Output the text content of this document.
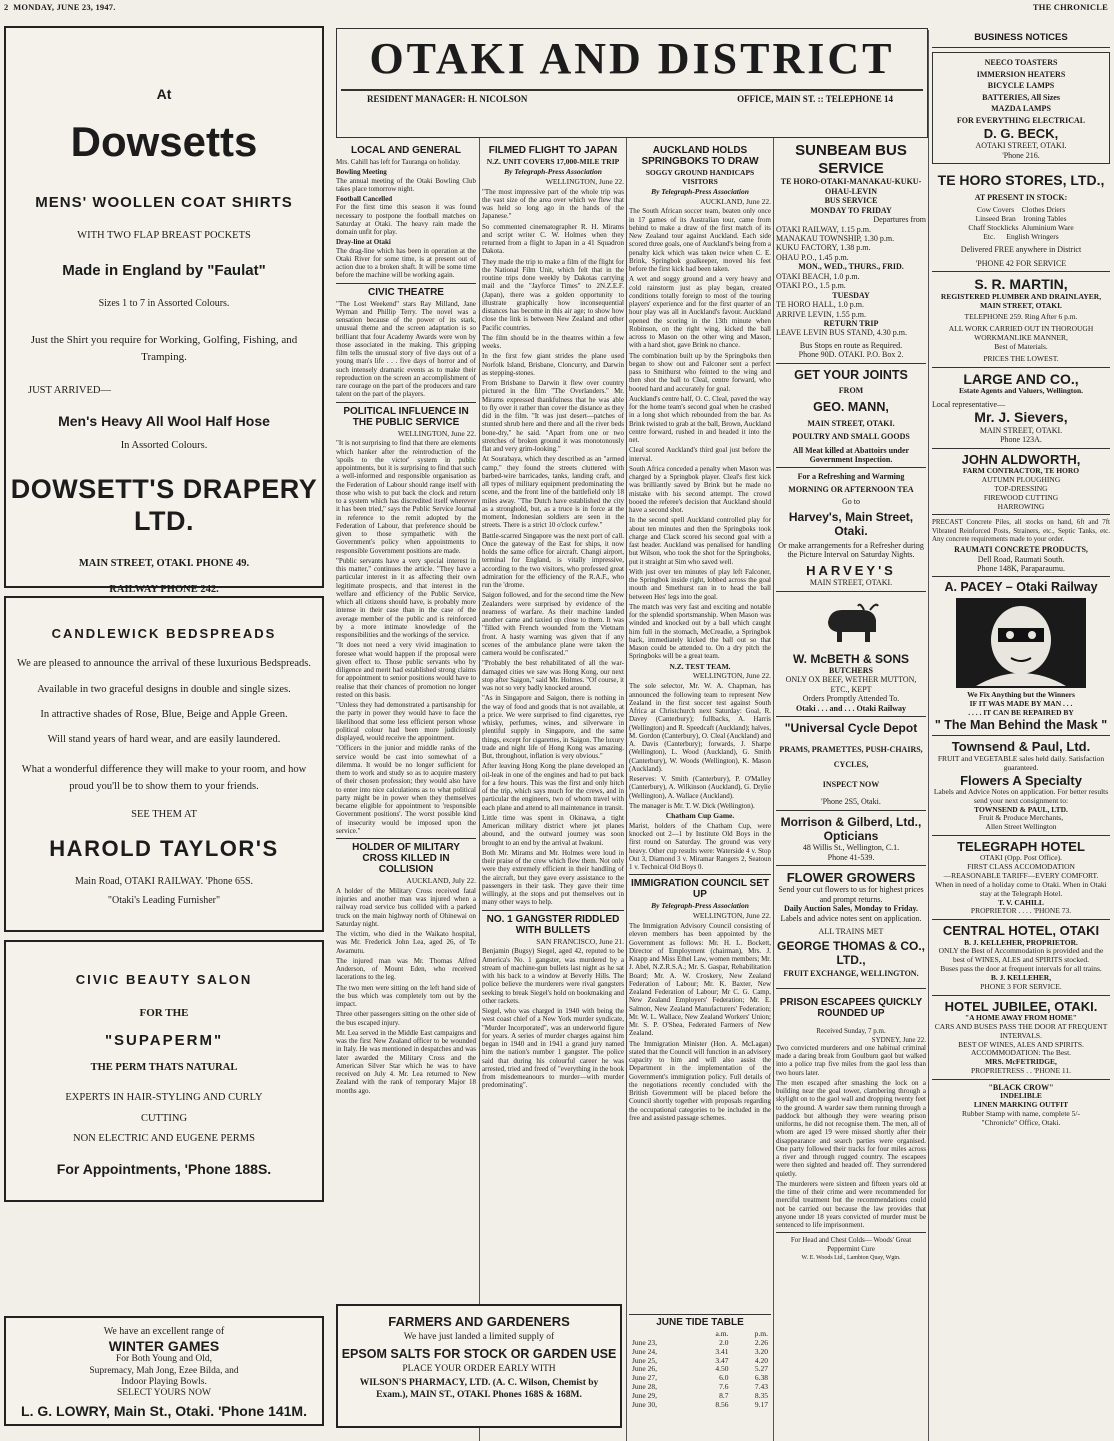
2 MONDAY, JUNE 23, 1947.	THE CHRONICLE
At
Dowsetts
MENS' WOOLLEN COAT SHIRTS
WITH TWO FLAP BREAST POCKETS
Made in England by "Faulat"
Sizes 1 to 7 in Assorted Colours.
Just the Shirt you require for Working, Golfing, Fishing, and Tramping.
JUST ARRIVED—
Men's Heavy All Wool Half Hose
In Assorted Colours.
DOWSETT'S DRAPERY LTD.
MAIN STREET, OTAKI. PHONE 49.
RAILWAY PHONE 242.
CANDLEWICK BEDSPREADS
We are pleased to announce the arrival of these luxurious Bedspreads.
Available in two graceful designs in double and single sizes.
In attractive shades of Rose, Blue, Beige and Apple Green.
Will stand years of hard wear, and are easily laundered.
What a wonderful difference they will make to your room, and how proud you'll be to show them to your friends.
SEE THEM AT
HAROLD TAYLOR'S
Main Road, OTAKI RAILWAY. 'Phone 65S.
"Otaki's Leading Furnisher"
CIVIC BEAUTY SALON
FOR THE
"SUPAPERM"
THE PERM THATS NATURAL
EXPERTS IN HAIR-STYLING AND CURLY
CUTTING
NON ELECTRIC AND EUGENE PERMS
For Appointments, 'Phone 188S.
We have an excellent range of
WINTER GAMES
For Both Young and Old,
Supremacy, Mah Jong, Ezee Bilda, and
Indoor Playing Bowls.
SELECT YOURS NOW
L. G. LOWRY, Main St., Otaki. 'Phone 141M.
OTAKI AND DISTRICT
RESIDENT MANAGER: H. NICOLSON	OFFICE, MAIN ST. :: TELEPHONE 14
LOCAL AND GENERAL

Mrs. Cahill has left for Tauranga on holiday.

Bowling Meeting

The annual meeting of the Otaki Bowling Club takes place tomorrow night.

Football Cancelled

For the first time this season it was found necessary to postpone the football matches on Saturday at Otaki. The heavy rain made the domain unfit for play.

Dray-line at Otaki

The drag-line which has been in operation at the Otaki River for some time, is at present out of action due to a broken shaft. It will be some time before the machine will be working again.

CIVIC THEATRE

"The Lost Weekend" stars Ray Milland, Jane Wyman and Phillip Terry. The novel was a sensation because of the power of its stark, unusual theme and the screen adaptation is so brilliant that four Academy Awards were won by those associated in the making. This gripping film tells the unusual story of five days out of a young man's life . . . five days of horror and of such intensely dramatic events as to make their reproduction on the screen an accomplishment of rare courage on the part of the producers and rare talent on the part of the players.

POLITICAL INFLUENCE IN THE PUBLIC SERVICE
WELLINGTON, June 22.

"It is not surprising to find that there are elements which hanker after the reintroduction of the 'spoils to the victor' system in public appointments, but it is surprising to find that such a well-informed and responsible organisation as the Federation of Labour should range itself with those who wish to put back the clock and return to a system which has discredited itself wherever it has been tried," says the Public Service Journal in reference to the remit adopted by the Federation of Labour, that preference should be given to those sympathetic with the Government's policy when appointments to responsible Government positions are made.

"Public servants have a very special interest in this matter," continues the article. "They have a particular interest in it as affecting their own legitimate prospects, and that interest in the welfare and efficiency of the Public Service, which all citizens should have, is probably more intense in their case than in the case of the average member of the public and is reinforced by a more intimate knowledge of the responsibilities and the workings of the service.

"It does not need a very vivid imagination to foresee what would happen if the proposal were given effect to. Those public servants who by diligence and merit had established strong claims for appointment to senior positions would have to realise that their chances of promotion no longer rested on this basis.

"Unless they had demonstrated a partisanship for the party in power they would have to face the likelihood that some less efficient person whose political colour had been more judiciously displayed, would receive the appointment.

"Officers in the junior and middle ranks of the service would be cast into somewhat of a dilemma. It would be no longer sufficient for them to work and study so as to acquire mastery of their chosen profession; they would also have to enter into nice calculations as to what political party might be in power when they themselves became eligible for appointment to 'responsible Government positions'. The worst possible kind of insecurity would be imposed upon the service."

HOLDER OF MILITARY CROSS KILLED IN COLLISION
AUCKLAND, July 22.

A holder of the Military Cross received fatal injuries and another man was injured when a railway road service bus collided with a parked truck on the main highway north of Ohinewai on Saturday night.

The victim, who died in the Waikato hospital, was Mr. Frederick John Lea, aged 26, of Te Awamutu.

The injured man was Mr. Thomas Alfred Anderson, of Mount Eden, who received lacerations to the leg.

The two men were sitting on the left hand side of the bus which was completely torn out by the impact.

Three other passengers sitting on the other side of the bus escaped injury.

Mr. Lea served in the Middle East campaigns and was the first New Zealand officer to be wounded in Italy. He was mentioned in despatches and was later awarded the Military Cross and the American Silver Star which he was to have received on July 4. Mr. Lea returned to New Zealand with the rank of temporary Major 18 months ago.

FILMED FLIGHT TO JAPAN
N.Z. UNIT COVERS 17,000-MILE TRIP
By Telegraph-Press Association
WELLINGTON, June 22.

"The most impressive part of the whole trip was the vast size of the area over which we flew that was held so long ago in the hands of the Japanese."

So commented cinematographer R. H. Mirams and script writer C. W. Holmes when they returned from a flight to Japan in a 41 Squadron Dakota.

They made the trip to make a film of the flight for the National Film Unit, which felt that in the routine trips done weekly by Dakotas carrying mail and the "Jayforce Times" to 2N.Z.E.F. (Japan), there was a golden opportunity to illustrate graphically how inconsequential distances has become in this air age; to show how close the link is between New Zealand and other Pacific countries.

The film should be in the theatres within a few weeks.

In the first few giant strides the plane used Norfolk Island, Brisbane, Cloncurry, and Darwin as stepping-stones.

From Brisbane to Darwin it flew over country pictured in the film "The Overlanders." Mr. Mirams expressed thankfulness that he was able to fly over it rather than cover the distance as they did in the film. "It was just desert—patches of stunted shrub here and there and all the river beds bone-dry," he said. "Apart from one or two stretches of broken ground it was monotonously flat and very grim-looking."

At Sourabaya, which they described as an "armed camp," they found the streets cluttered with barbed-wire barricades, tanks, landing craft, and all types of military equipment predominating the scene, and the front line of the battlefield only 18 miles away. "The Dutch have established the city as a stronghold, but, as a truce is in force at the moment, Indonesian soldiers are seen in the streets. There is a strict 10 o'clock curfew."

Battle-scarred Singapore was the next port of call. Once the gateway of the East for ships, it now holds the same office for aircraft. Changi airport, terminal for England, is vitally impressive, according to the two visitors, who professed great admiration for the efficiency of the R.A.F., who run the 'drome.

Saigon followed, and for the second time the New Zealanders were surprised by evidence of the nearness of warfare. As their machine landed another came and taxied up close to them. It was "filled with French wounded from the Vietnam front. A hasty warning was given that if any scenes of the ambulance plane were taken the camera would be confiscated."

"Probably the best rehabilitated of all the war-damaged cities we saw was Hong Kong, our next stop after Saigon," said Mr. Holmes. "Of course, it was not so very badly knocked around.

"As in Singapore and Saigon, there is nothing in the way of food and goods that is not available, at a price. We were surprised to find cigarettes, rye whisky, perfumes, wines, and silverware in plentiful supply in Singapore, and the same things, except for cigarettes, in Saigon. The luxury trade and night life of Hong Kong was amazing. But, throughout, inflation is very obvious."

After leaving Hong Kong the plane developed an oil-leak in one of the engines and had to put back for a few hours. This was the first and only hitch of the trip, which says much for the crews, and in particular the engineers, two of whom travel with each plane and attend to all maintenance in transit.

Little time was spent in Okinawa, a tight American military district where jet planes abound, and the outward journey was soon brought to an end by the arrival at Iwakuni.

Both Mr. Mirams and Mr. Holmes were loud in their praise of the crew which flew them. Not only were they extremely efficient in their handling of the aircraft, but they gave every assistance to the passengers in their task. They gave their time willingly, at the stops and put themselves out in many other ways to help.

NO. 1 GANGSTER RIDDLED WITH BULLETS
SAN FRANCISCO, June 21.

Benjamin (Bugsy) Siegel, aged 42, reputed to be America's No. 1 gangster, was murdered by a stream of machine-gun bullets last night as he sat with his back to a window at Beverly Hills. The police believe the murderers were rival gangsters seeking to break Siegel's hold on bookmaking and other rackets.

Siegel, who was charged in 1940 with being the west coast chief of a New York murder syndicate, "Murder Incorporated", was an underworld figure for years. A series of murder charges against him began in 1940 and in 1941 a grand jury named him the nation's number 1 gangster. The police said that during his colourful career he was arrested, tried and freed of "everything in the book from misdemeanours to murder—with murder predominating".

FARMERS AND GARDENERS
We have just landed a limited supply of
EPSOM SALTS FOR STOCK OR GARDEN USE
PLACE YOUR ORDER EARLY WITH
WILSON'S PHARMACY, LTD. (A. C. Wilson, Chemist by Exam.), MAIN ST., OTAKI. Phones 168S & 168M.
AUCKLAND HOLDS SPRINGBOKS TO DRAW
SOGGY GROUND HANDICAPS VISITORS
By Telegraph-Press Association
AUCKLAND, June 22.

The South African soccer team, beaten only once in 17 games of its Australian tour, came from behind to make a draw of the first match of its New Zealand tour against Auckland. Each side scored three goals, one of Auckland's being from a penalty kick which was taken twice when C. E. Brink, Springbok goalkeeper, moved his feet before the first kick had been taken.

A wet and soggy ground and a very heavy and cold rainstorm just as play began, created conditions totally foreign to most of the touring players' experience and for the first quarter of an hour play was all in Auckland's favour. Auckland opened the scoring in the 13th minute when Robinson, on the right wing, kicked the ball across to Mason on the other wing and Mason, with a hard shot, gave Brink no chance.

The combination built up by the Springboks then began to show out and Falconer sent a perfect pass to Smithurst who feinted to the wing and then shot the ball to Cleal, centre forward, who booted hard and accurately for goal.

Auckland's centre half, O. C. Cleal, paved the way for the home team's second goal when he crashed in a long shot which rebounded from the bar. As Brink twisted to grab at the ball, Brown, Auckland centre forward, rushed in and headed it into the net.

Cleal scored Auckland's third goal just before the interval.

South Africa conceded a penalty when Mason was charged by a Springbok player. Cleal's first kick was brilliantly saved by Brink but he made no mistake with his second attempt. The crowd booed the referee's decision that Auckland should have a second shot.

In the second spell Auckland controlled play for about ten minutes and then the Springboks took charge and Clack scored his second goal with a fast header. Auckland was penalised for handling but Wilson, who took the shot for the Springboks, put it straight at Sim who saved well.

With just over ten minutes of play left Falconer, the Springbok inside right, lobbed across the goal mouth and Smethurst ran in to head the ball between Hes' legs into the goal.

The match was very fast and exciting and notable for the splendid sportsmanship. When Mason was winded and knocked out by a ball which caught him full in the stomach, McCreadie, a Springbok back, immediately kicked the ball out so that Mason could be attended to. On a dry pitch the Springboks will be a great team.

N.Z. TEST TEAM.
WELLINGTON, June 22.

The sole selector, Mr. W. A. Chapman, has announced the following team to represent New Zealand in the first soccer test against South Africa at Christchurch next Saturday: Goal, R. Davey (Canterbury); fullbacks, A. Harris (Wellington) and R. Speedcaft (Auckland); halves, M. Gordon (Canterbury), O. Cleal (Auckland) and A. Davis (Canterbury); forwards, J. Sharpe (Wellington), L. Wood (Auckland), G. Smith (Canterbury), W. Woods (Wellington), K. Mason (Auckland).

Reserves: V. Smith (Canterbury), P. O'Malley (Canterbury), A. Wilkinson (Auckland), G. Drylie (Wellington), A. Wallace (Auckland).

The manager is Mr. T. W. Dick (Wellington).

Chatham Cup Game.

Marist, holders of the Chatham Cup, were knocked out 2—1 by Institute Old Boys in the first round on Saturday. The ground was very heavy. Other cup results were: Waterside 4 v. Stop Out 3, Diamond 3 v. Miramar Rangers 2, Seatoun 1 v. Technical Old Boys 0.

IMMIGRATION COUNCIL SET UP
By Telegraph-Press Association
WELLINGTON, June 22.

The Immigration Advisory Council consisting of eleven members has been appointed by the Government as follows: Mr. H. L. Bockett, Director of Employment (chairman), Mrs. J. Knapp and Miss Ethel Law, women members; Mr. J. Abel, N.Z.R.S.A.; Mr. S. Gaspar, Rehabilitation Board; Mr. A. W. Croskery, New Zealand Federation of Labour; Mr. K. Baxter, New Zealand Federation of Labour; Mr C. G. Camp, New Zealand Employers' Federation; Mr. E. Salmon, New Zealand Manufacturers' Federation; Mr. W. L. Wallace, New Zealand Workers' Union; Mr. S. P. O'Shea, Federated Farmers of New Zealand.

The Immigration Minister (Hon. A. McLagan) stated that the Council will function in an advisory capacity to him and will also assist the Department in the implementation of the Government's immigration policy. Full details of the negotiations recently concluded with the British Government will be placed before the Council shortly together with proposals regarding the occupational categories to be included in the free and assisted passage schemes.

JUNE TIDE TABLE
	a.m.	p.m.
June 23,	2.0	2.26
June 24,	3.41	3.20
June 25,	3.47	4.20
June 26,	4.50	5.27
June 27,	6.0	6.38
June 28,	7.6	7.43
June 29,	8.7	8.35
June 30,	8.56	9.17
SUNBEAM BUS SERVICE
TE HORO-OTAKI-MANAKAU-KUKU-OHAU-LEVIN
BUS SERVICE
MONDAY TO FRIDAY
Departures from
OTAKI RAILWAY, 1.15 p.m.
MANAKAU TOWNSHIP, 1.30 p.m.
KUKU FACTORY, 1.38 p.m.
OHAU P.O., 1.45 p.m.
MON., WED., THURS., FRID.
OTAKI BEACH, 1.0 p.m.
OTAKI P.O., 1.5 p.m.
TUESDAY
TE HORO HALL, 1.0 p.m.
ARRIVE LEVIN, 1.55 p.m.
RETURN TRIP
LEAVE LEVIN BUS STAND, 4.30 p.m.
Bus Stops en route as Required.
Phone 90D. OTAKI. P.O. Box 2.
GET YOUR JOINTS
FROM
GEO. MANN,
MAIN STREET, OTAKI.
POULTRY AND SMALL GOODS
All Meat killed at Abattoirs under Government Inspection.
For a Refreshing and Warming
MORNING OR AFTERNOON TEA
Go to
Harvey's, Main Street, Otaki.
Or make arrangements for a Refresher during the Picture Interval on Saturday Nights.
HARVEY'S
MAIN STREET, OTAKI.
W. McBETH & SONS
BUTCHERS
ONLY OX BEEF, WETHER MUTTON, ETC., KEPT
Orders Promptly Attended To.
Otaki . . . and . . . Otaki Railway
"Universal Cycle Depot
PRAMS, PRAMETTES, PUSH-CHAIRS, CYCLES,
INSPECT NOW
'Phone 2S5, Otaki.
Morrison & Gilberd, Ltd.,
Opticians
48 Willis St., Wellington, C.1.
Phone 41-539.
FLOWER GROWERS
Send your cut flowers to us for highest prices and prompt returns.
Daily Auction Sales, Monday to Friday.
Labels and advice notes sent on application.
ALL TRAINS MET
GEORGE THOMAS & CO., LTD.,
FRUIT EXCHANGE, WELLINGTON.
PRISON ESCAPEES QUICKLY ROUNDED UP
Received Sunday, 7 p.m.
SYDNEY, June 22.

Two convicted murderers and one habitual criminal made a daring break from Goulburn gaol but walked into a police trap five miles from the gaol less than two hours later.

The men escaped after smashing the lock on a building near the goal tower, clambering through a skylight on to the gaol wall and dropping twenty feet to the ground. A warder saw them running through a paddock but although they were wearing prison uniforms, he did not recognise them. The men, all of whom are aged 19 were missed shortly after their disappearance and search parties were organised. One party followed their tracks for four miles across a river and through rugged country. The escapees were then sighted and headed off. They surrendered quietly.

The murderers were sixteen and fifteen years old at the time of their crime and were recommended for merciful treatment but the recommendations could not be carried out because the law provides that anyone under 18 years convicted of murder must be sentenced to life imprisonment.

For Head and Chest Colds— Woods' Great Peppermint Cure

W. E. Woods Ltd., Lambton Quay, Wgtn.

BUSINESS NOTICES
NEECO TOASTERS
IMMERSION HEATERS
BICYCLE LAMPS
BATTERIES, All Sizes
MAZDA LAMPS
FOR EVERYTHING ELECTRICAL
D. G. BECK,
AOTAKI STREET, OTAKI.
'Phone 216.
TE HORO STORES, LTD.,
AT PRESENT IN STOCK:
Cow Covers    Clothes Driers
Linseed Bran    Ironing Tables
Chaff Stocklicks  Aluminium Ware
Etc.      English Wringers
Delivered FREE anywhere in District
'PHONE 42 FOR SERVICE
S. R. MARTIN,
REGISTERED PLUMBER AND DRAINLAYER,
MAIN STREET, OTAKI.
TELEPHONE 259. Ring After 6 p.m.
ALL WORK CARRIED OUT IN THOROUGH WORKMANLIKE MANNER,
Best of Materials.
PRICES THE LOWEST.
LARGE AND CO.,
Estate Agents and Valuers, Wellington.
Local representative—
Mr. J. Sievers,
MAIN STREET, OTAKI.
Phone 123A.
JOHN ALDWORTH,
FARM CONTRACTOR, TE HORO
AUTUMN PLOUGHING
TOP-DRESSING
FIREWOOD CUTTING
HARROWING

PRECAST Concrete Piles, all stocks on hand, 6ft and 7ft Vibrated Reinforced Posts, Strainers, etc., Septic Tanks, etc. Any concrete requirements made to your order.

RAUMATI CONCRETE PRODUCTS,
Dell Road, Raumati South.
Phone 148K, Paraparaumu.
A. PACEY – Otaki Railway
We Fix Anything but the Winners
IF IT WAS MADE BY MAN . . .
. . . . IT CAN BE REPAIRED BY
" The Man Behind the Mask "
Townsend & Paul, Ltd.
FRUIT and VEGETABLE sales held daily. Satisfaction guaranteed.
Flowers A Specialty
Labels and Advice Notes on application. For better results send your next consignment to:
TOWNSEND & PAUL, LTD.
Fruit & Produce Merchants,
Allen Street Wellington
TELEGRAPH HOTEL
OTAKI (Opp. Post Office).
FIRST CLASS ACCOMODATION
—REASONABLE TARIFF—EVERY COMFORT.
When in need of a holiday come to Otaki. When in Otaki stay at the Telegraph Hotel.
T. V. CAHILL
PROPRIETOR . . . . 'PHONE 73.
CENTRAL HOTEL, OTAKI
B. J. KELLEHER, PROPRIETOR.
ONLY the Best of Accommodation is provided and the best of WINES, ALES and SPIRITS stocked.
Buses pass the door at frequent intervals for all trains.
B. J. KELLEHER,
PHONE 3 FOR SERVICE.
HOTEL JUBILEE, OTAKI.
"A HOME AWAY FROM HOME"
CARS AND BUSES PASS THE DOOR AT FREQUENT INTERVALS.
BEST OF WINES, ALES AND SPIRITS.
ACCOMMODATION: The Best.
MRS. McFETRIDGE,
PROPRIETRESS . . 'PHONE 11.
"BLACK CROW"
INDELIBLE
LINEN MARKING OUTFIT
Rubber Stamp with name, complete 5/-
"Chronicle" Office, Otaki.
